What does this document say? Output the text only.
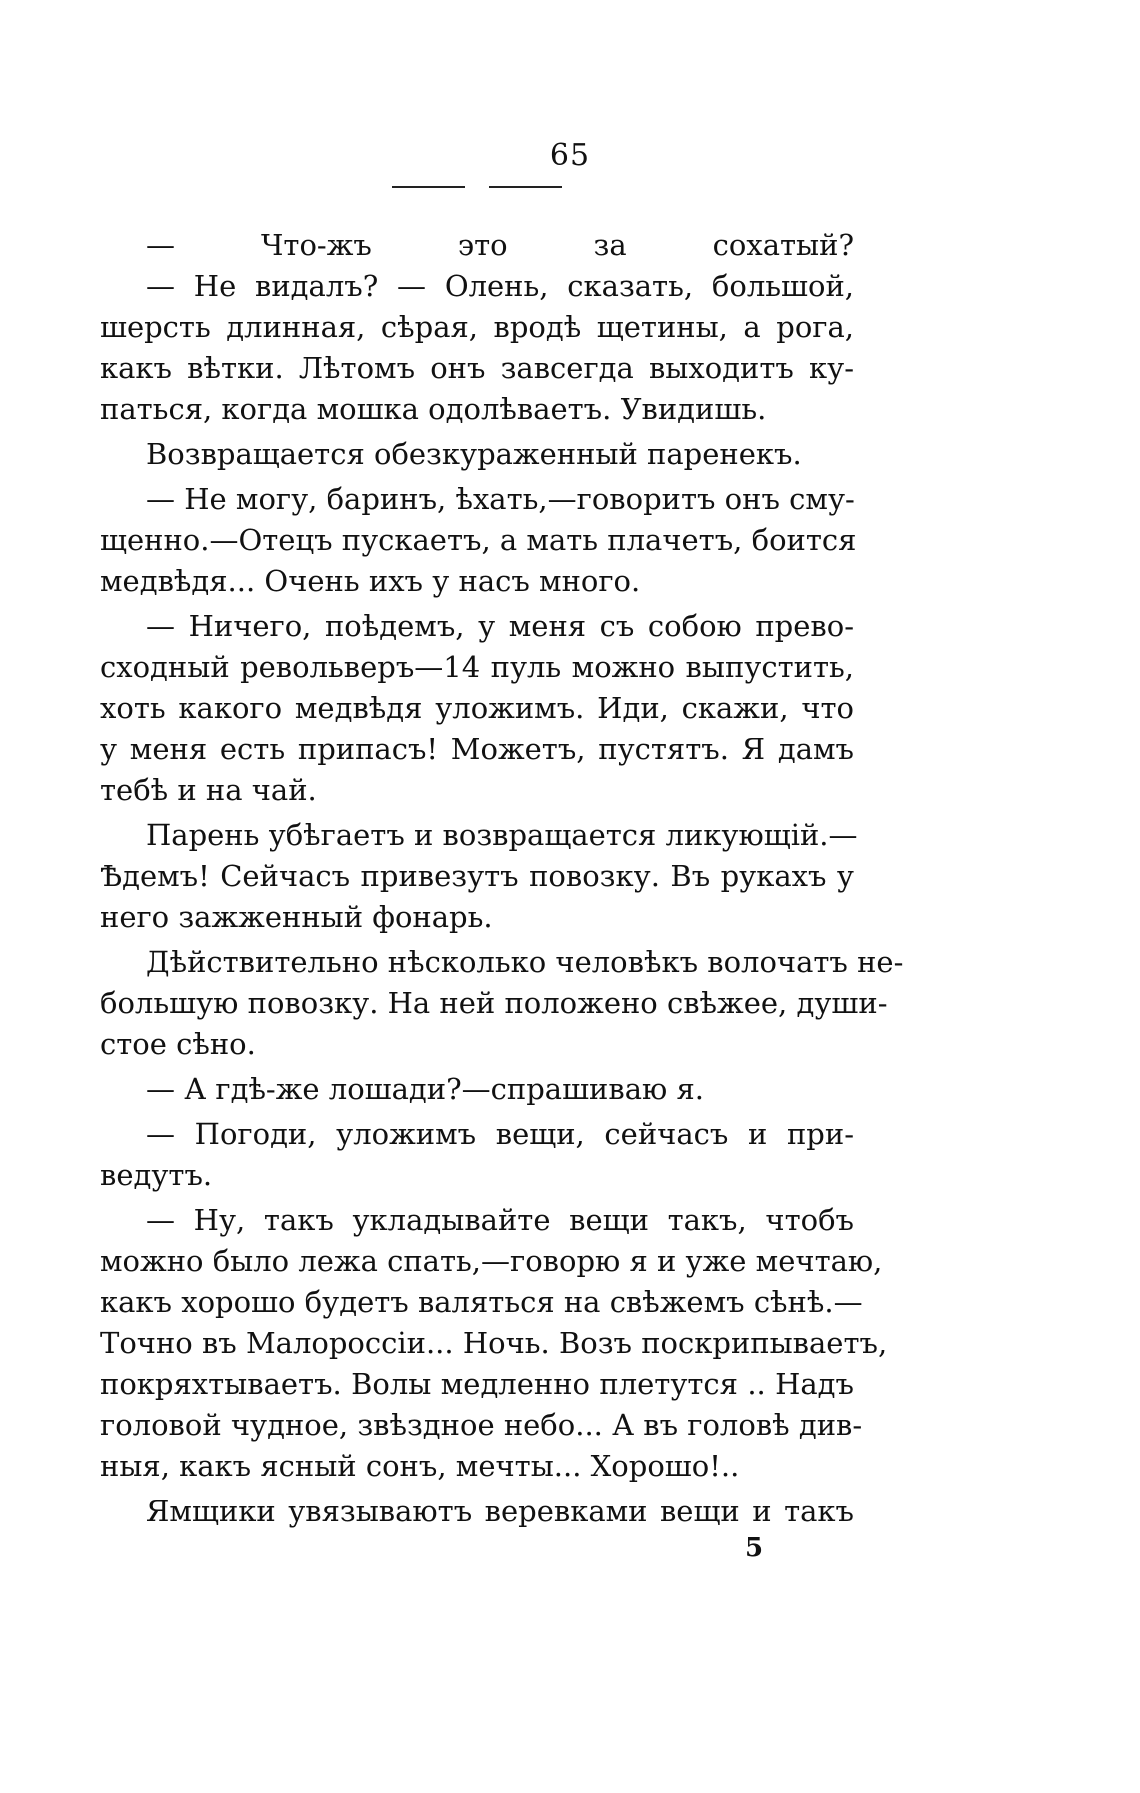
65
— Что-жъ это за сохатый?
— Не видалъ? — Олень, сказать, большой,
шерсть длинная, сѣрая, вродѣ щетины, а рога,
какъ вѣтки. Лѣтомъ онъ завсегда выходитъ ку-
паться, когда мошка одолѣваетъ. Увидишь.
Возвращается обезкураженный паренекъ.
— Не могу, баринъ, ѣхать,—говоритъ онъ сму-
щенно.—Отецъ пускаетъ, а мать плачетъ, боится
медвѣдя... Очень ихъ у насъ много.
— Ничего, поѣдемъ, у меня съ собою прево-
сходный револьверъ—14 пуль можно выпустить,
хоть какого медвѣдя уложимъ. Иди, скажи, что
у меня есть припасъ! Можетъ, пустятъ. Я дамъ
тебѣ и на чай.
Парень убѣгаетъ и возвращается ликующій.—
Ѣдемъ! Сейчасъ привезутъ повозку. Въ рукахъ у
него зажженный фонарь.
Дѣйствительно нѣсколько человѣкъ волочатъ не-
большую повозку. На ней положено свѣжее, души-
стое сѣно.
— А гдѣ-же лошади?—спрашиваю я.
— Погоди, уложимъ вещи, сейчасъ и при-
ведутъ.
— Ну, такъ укладывайте вещи такъ, чтобъ
можно было лежа спать,—говорю я и уже мечтаю,
какъ хорошо будетъ валяться на свѣжемъ сѣнѣ.—
Точно въ Малороссіи... Ночь. Возъ поскрипываетъ,
покряхтываетъ. Волы медленно плетутся .. Надъ
головой чудное, звѣздное небо... А въ головѣ див-
ныя, какъ ясный сонъ, мечты... Хорошо!..
Ямщики увязываютъ веревками вещи и такъ
5
